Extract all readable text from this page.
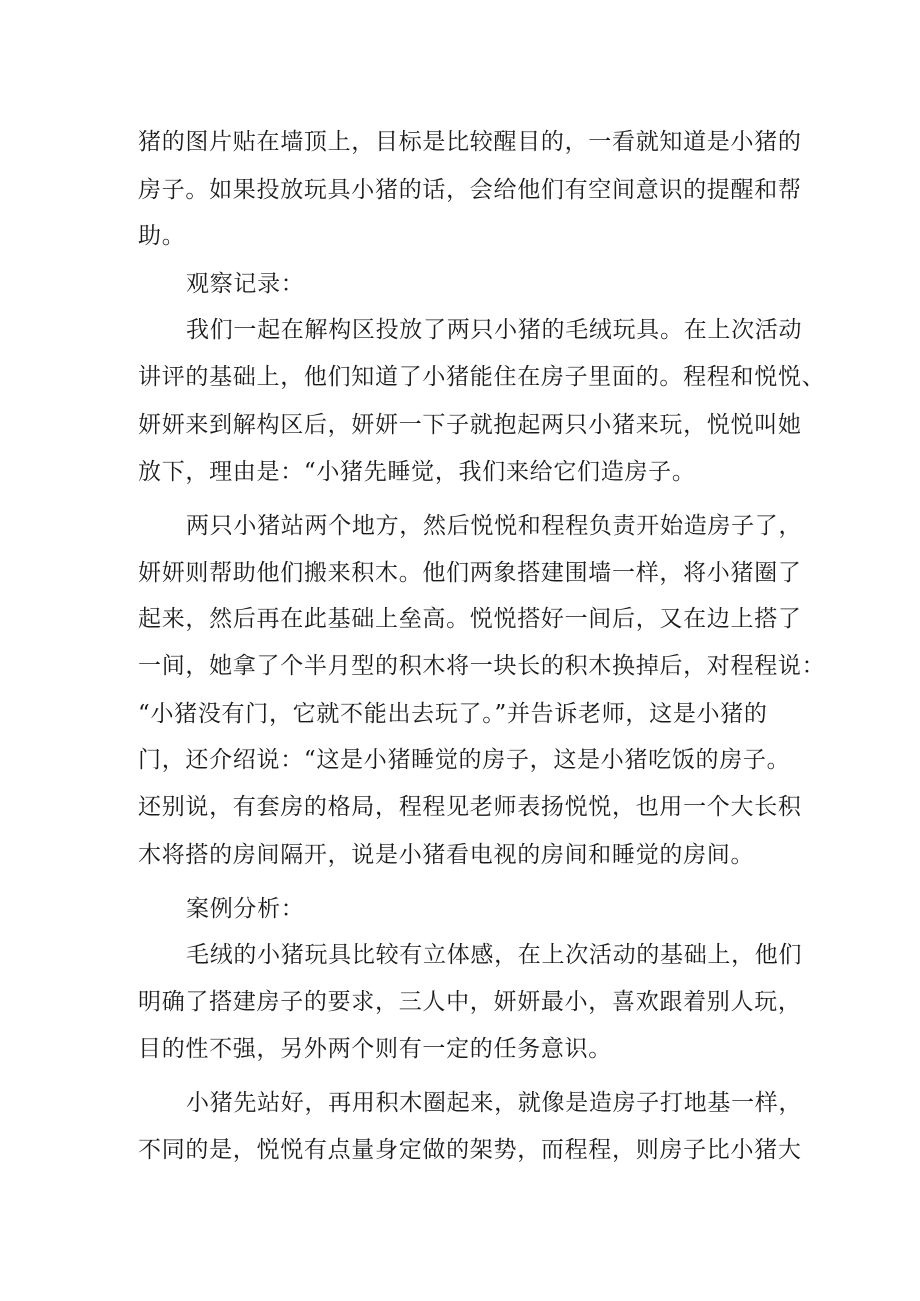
猪的图片贴在墙顶上，目标是比较醒目的，一看就知道是小猪的

房子。如果投放玩具小猪的话，会给他们有空间意识的提醒和帮

助。

观察记录：

我们一起在解构区投放了两只小猪的毛绒玩具。在上次活动

讲评的基础上，他们知道了小猪能住在房子里面的。程程和悦悦、

妍妍来到解构区后，妍妍一下子就抱起两只小猪来玩，悦悦叫她

放下，理由是：“小猪先睡觉，我们来给它们造房子。

两只小猪站两个地方，然后悦悦和程程负责开始造房子了，

妍妍则帮助他们搬来积木。他们两象搭建围墙一样，将小猪圈了

起来，然后再在此基础上垒高。悦悦搭好一间后，又在边上搭了

一间，她拿了个半月型的积木将一块长的积木换掉后，对程程说：

“小猪没有门，它就不能出去玩了。”并告诉老师，这是小猪的

门，还介绍说：“这是小猪睡觉的房子，这是小猪吃饭的房子。

还别说，有套房的格局，程程见老师表扬悦悦，也用一个大长积

木将搭的房间隔开，说是小猪看电视的房间和睡觉的房间。

案例分析：

毛绒的小猪玩具比较有立体感，在上次活动的基础上，他们

明确了搭建房子的要求，三人中，妍妍最小，喜欢跟着别人玩，

目的性不强，另外两个则有一定的任务意识。

小猪先站好，再用积木圈起来，就像是造房子打地基一样，

不同的是，悦悦有点量身定做的架势，而程程，则房子比小猪大
